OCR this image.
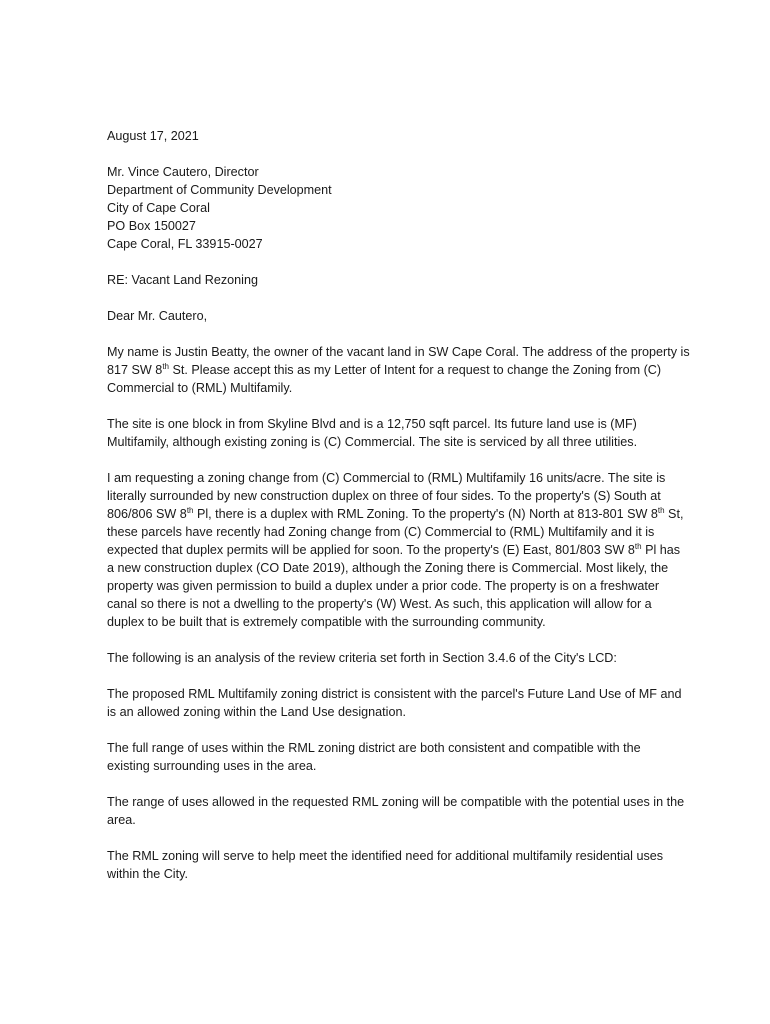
August 17, 2021
Mr. Vince Cautero, Director
Department of Community Development
City of Cape Coral
PO Box 150027
Cape Coral, FL 33915-0027
RE: Vacant Land Rezoning
Dear Mr. Cautero,
My name is Justin Beatty, the owner of the vacant land in SW Cape Coral. The address of the property is
817 SW 8th St. Please accept this as my Letter of Intent for a request to change the Zoning from (C)
Commercial to (RML) Multifamily.
The site is one block in from Skyline Blvd and is a 12,750 sqft parcel. Its future land use is (MF)
Multifamily, although existing zoning is (C) Commercial. The site is serviced by all three utilities.
I am requesting a zoning change from (C) Commercial to (RML) Multifamily 16 units/acre. The site is
literally surrounded by new construction duplex on three of four sides. To the property's (S) South at
806/806 SW 8th Pl, there is a duplex with RML Zoning. To the property's (N) North at 813-801 SW 8th St,
these parcels have recently had Zoning change from (C) Commercial to (RML) Multifamily and it is
expected that duplex permits will be applied for soon. To the property's (E) East, 801/803 SW 8th Pl has
a new construction duplex (CO Date 2019), although the Zoning there is Commercial. Most likely, the
property was given permission to build a duplex under a prior code. The property is on a freshwater
canal so there is not a dwelling to the property's (W) West. As such, this application will allow for a
duplex to be built that is extremely compatible with the surrounding community.
The following is an analysis of the review criteria set forth in Section 3.4.6 of the City's LCD:
The proposed RML Multifamily zoning district is consistent with the parcel's Future Land Use of MF and
is an allowed zoning within the Land Use designation.
The full range of uses within the RML zoning district are both consistent and compatible with the
existing surrounding uses in the area.
The range of uses allowed in the requested RML zoning will be compatible with the potential uses in the
area.
The RML zoning will serve to help meet the identified need for additional multifamily residential uses
within the City.
